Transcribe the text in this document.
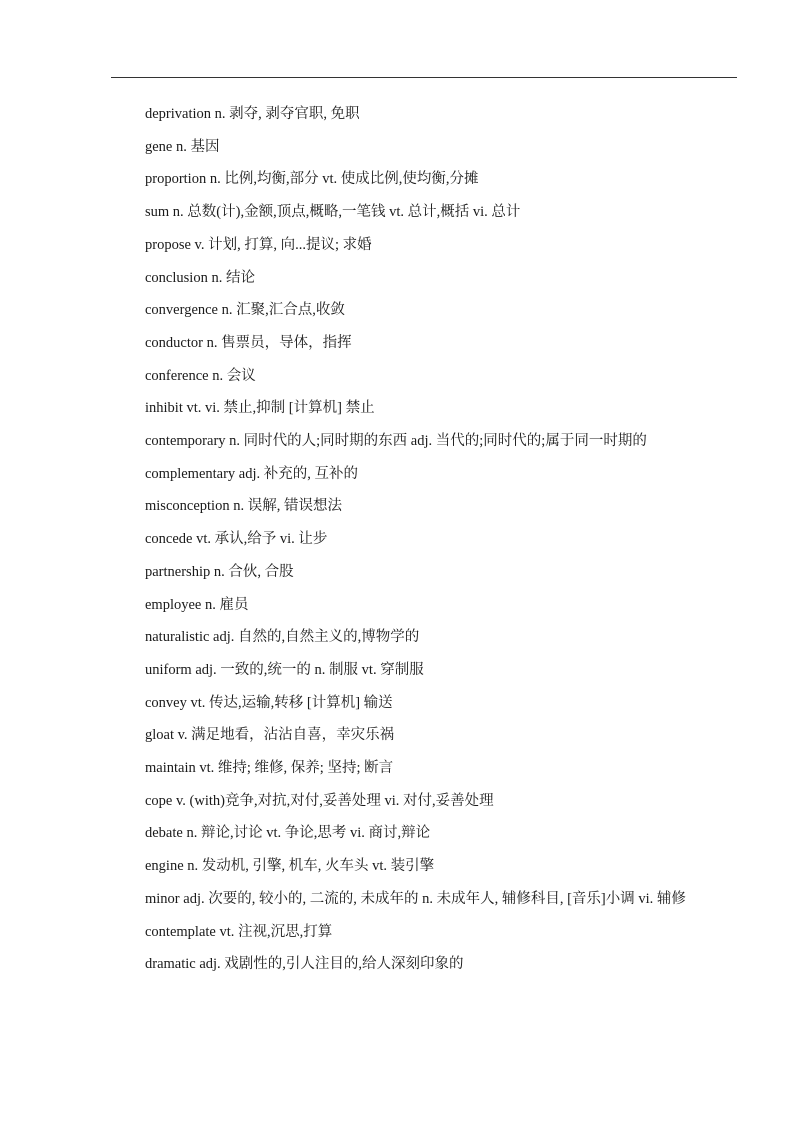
deprivation n. 剥夺, 剥夺官职, 免职
gene n. 基因
proportion n. 比例,均衡,部分 vt. 使成比例,使均衡,分摊
sum n. 总数(计),金额,顶点,概略,一笔钱 vt. 总计,概括 vi. 总计
propose v. 计划, 打算, 向...提议; 求婚
conclusion n. 结论
convergence n. 汇聚,汇合点,收敛
conductor n. 售票员，导体，指挥
conference n. 会议
inhibit vt. vi. 禁止,抑制 [计算机] 禁止
contemporary n. 同时代的人;同时期的东西 adj. 当代的;同时代的;属于同一时期的
complementary adj. 补充的, 互补的
misconception n. 误解, 错误想法
concede vt. 承认,给予 vi. 让步
partnership n. 合伙, 合股
employee n. 雇员
naturalistic adj. 自然的,自然主义的,博物学的
uniform adj. 一致的,统一的 n. 制服 vt. 穿制服
convey vt. 传达,运输,转移 [计算机] 输送
gloat v. 满足地看，沾沾自喜，幸灾乐祸
maintain vt. 维持; 维修, 保养; 坚持; 断言
cope v. (with)竞争,对抗,对付,妥善处理 vi. 对付,妥善处理
debate n. 辩论,讨论 vt. 争论,思考 vi. 商讨,辩论
engine n. 发动机, 引擎, 机车, 火车头 vt. 装引擎
minor adj. 次要的, 较小的, 二流的, 未成年的 n. 未成年人, 辅修科目, [音乐]小调 vi. 辅修
contemplate vt. 注视,沉思,打算
dramatic adj. 戏剧性的,引人注目的,给人深刻印象的
